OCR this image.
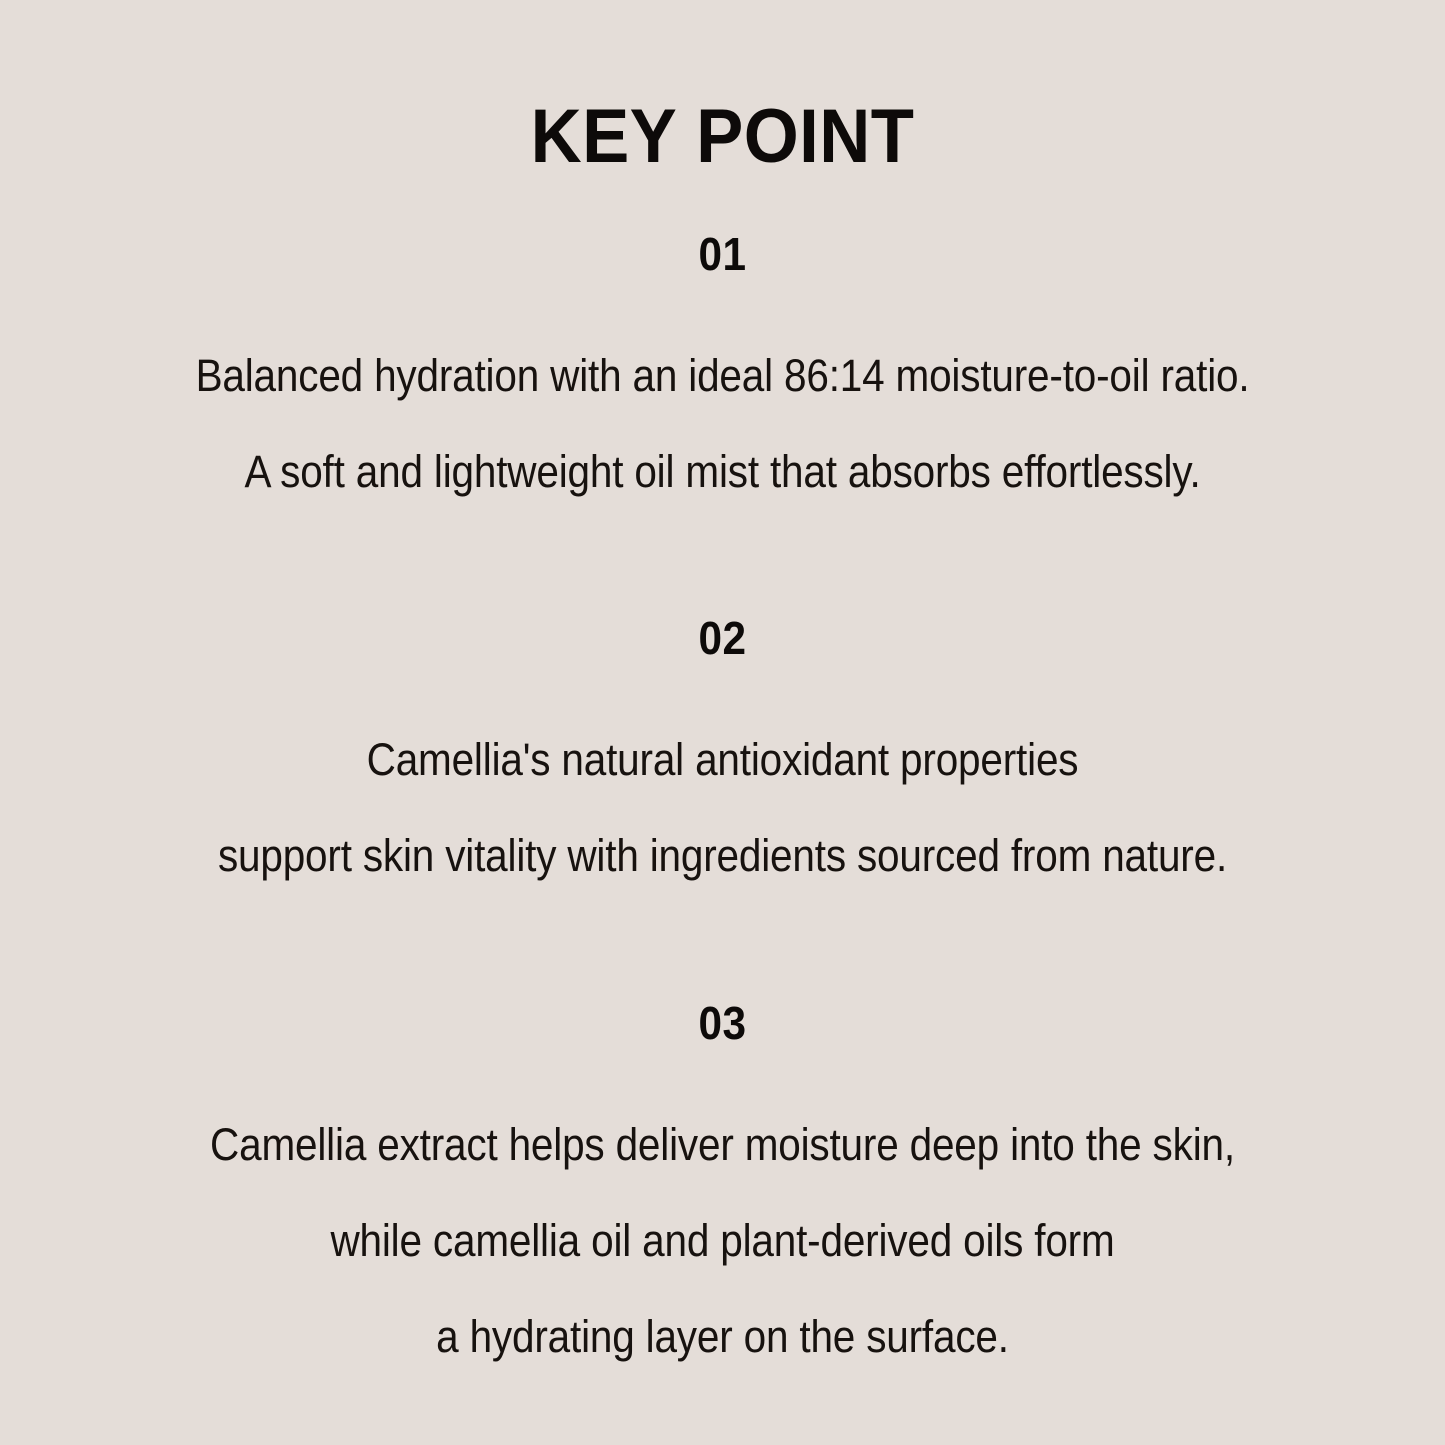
KEY POINT
01
Balanced hydration with an ideal 86:14 moisture-to-oil ratio.
A soft and lightweight oil mist that absorbs effortlessly.
02
Camellia's natural antioxidant properties
support skin vitality with ingredients sourced from nature.
03
Camellia extract helps deliver moisture deep into the skin,
while camellia oil and plant-derived oils form
a hydrating layer on the surface.
